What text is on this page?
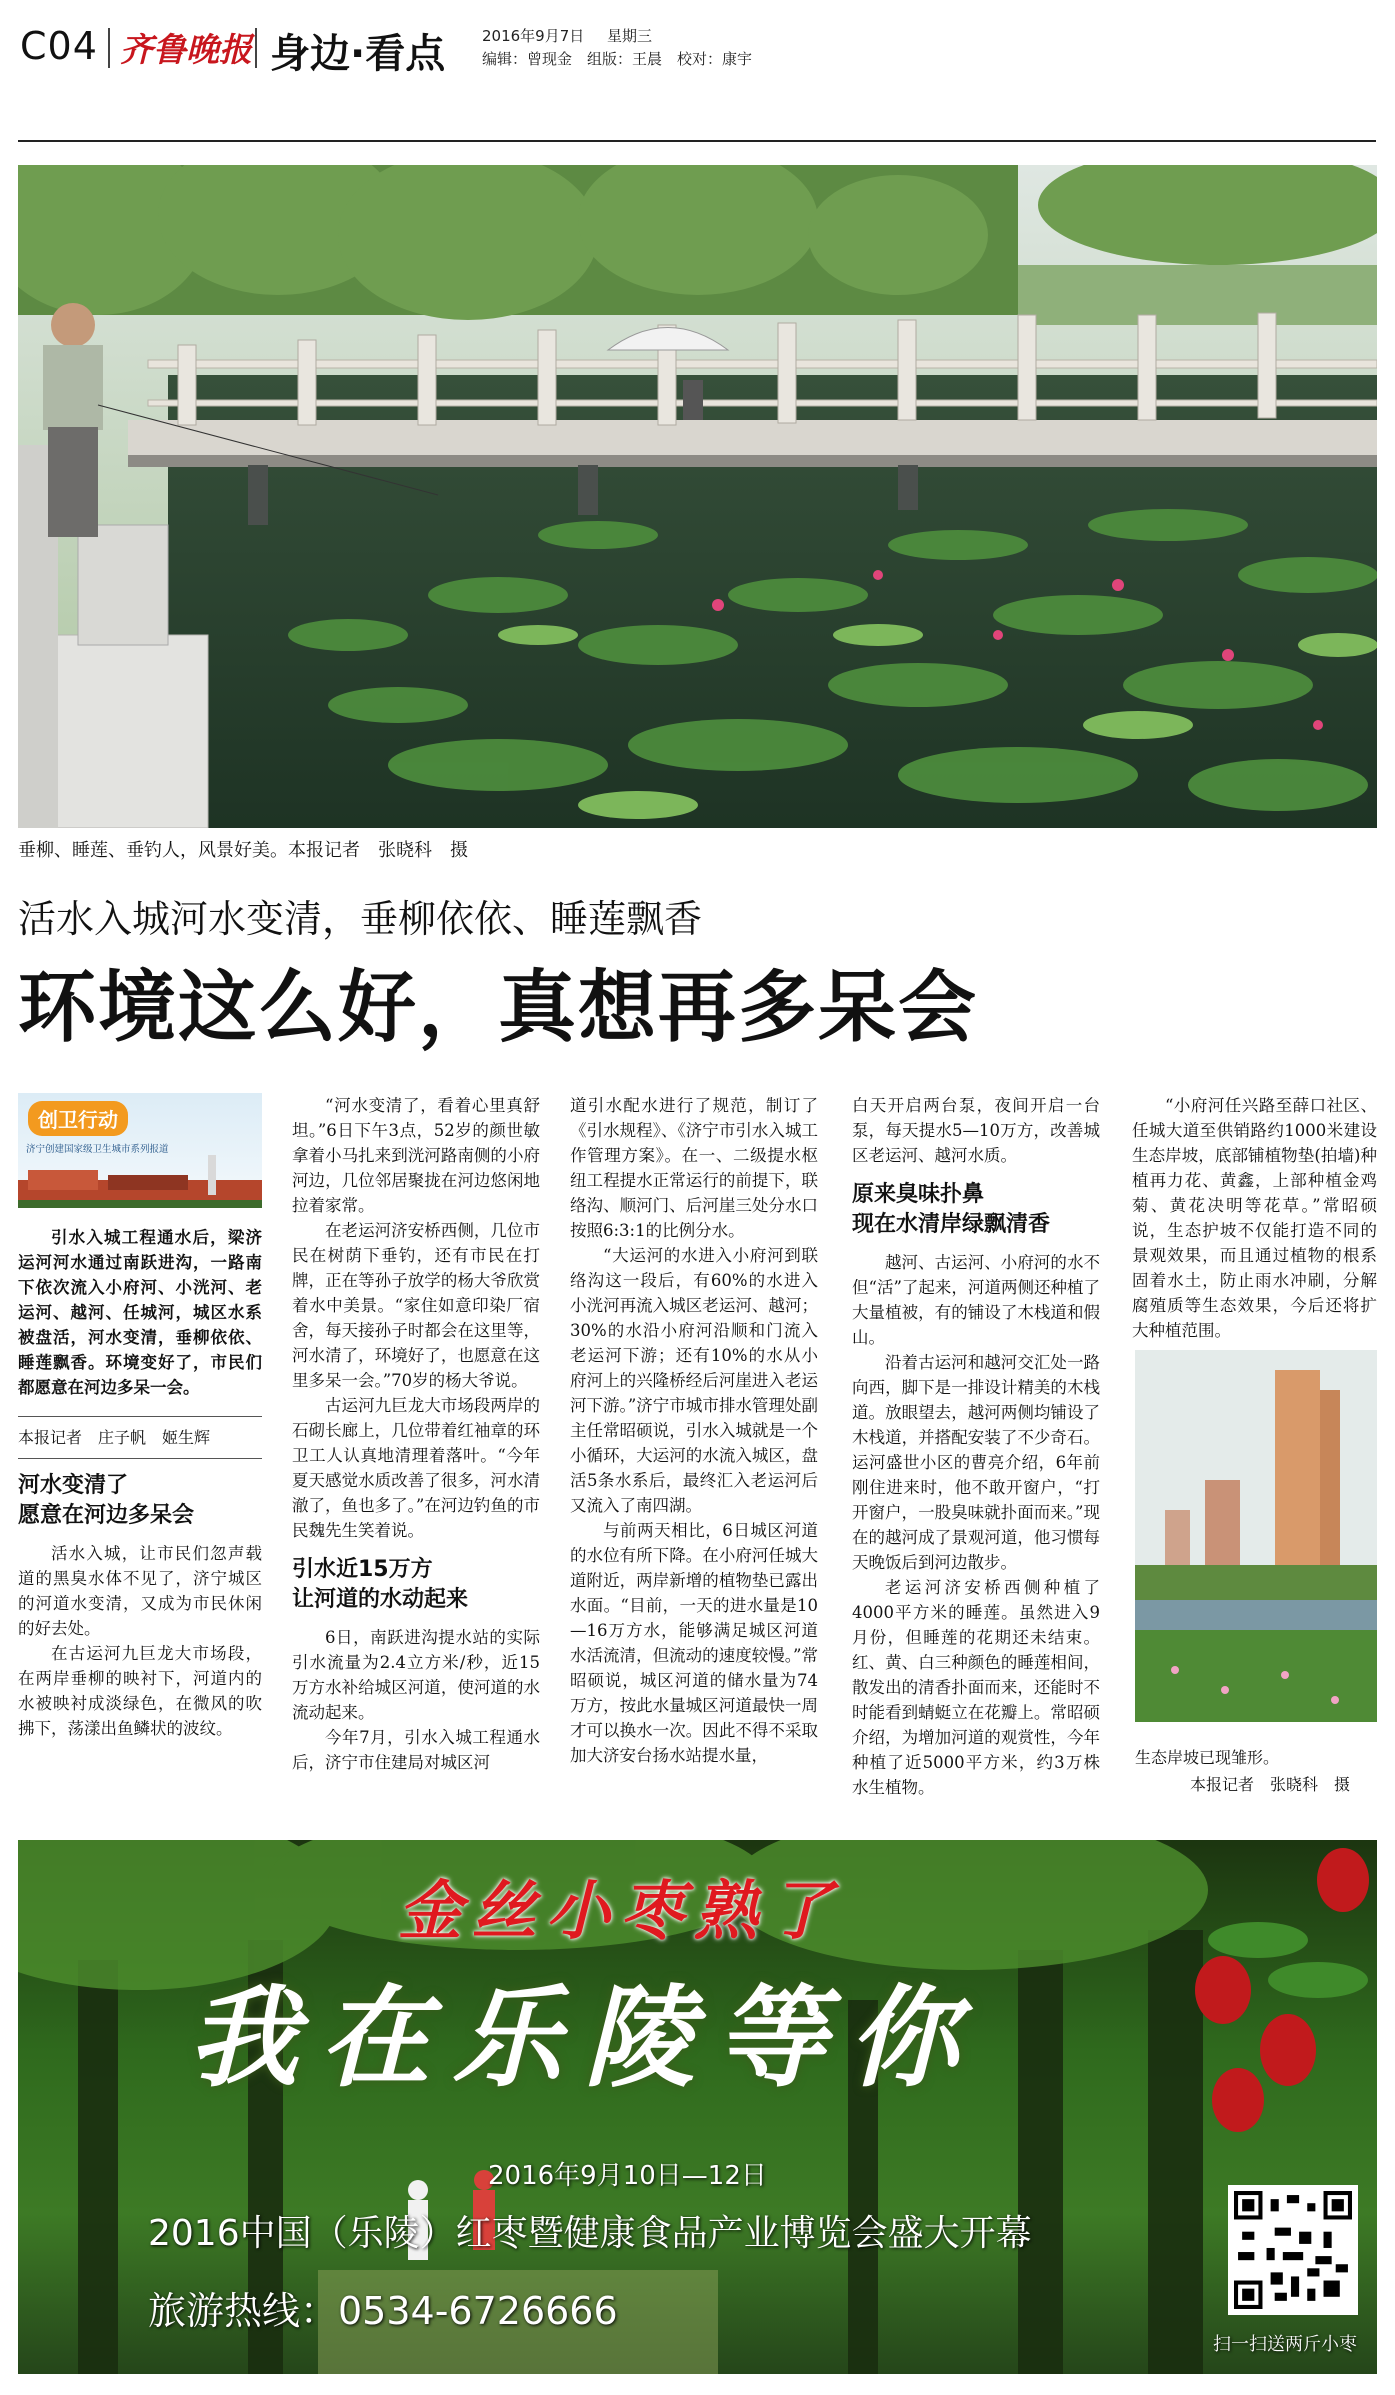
C04 齐鲁晚报 身边·看点 2016年9月7日 星期三
编辑：曾现金　组版：王晨　校对：康宇
垂柳、睡莲、垂钓人，风景好美。本报记者　张晓科　摄
活水入城河水变清，垂柳依依、睡莲飘香
环境这么好，真想再多呆会
创卫行动
济宁创建国家级卫生城市系列报道

引水入城工程通水后，梁济运河河水通过南跃进沟，一路南下依次流入小府河、小洸河、老运河、越河、任城河，城区水系被盘活，河水变清，垂柳依依、睡莲飘香。环境变好了，市民们都愿意在河边多呆一会。

本报记者　庄子帆　姬生辉
河水变清了
愿意在河边多呆会

活水入城，让市民们忽声载道的黑臭水体不见了，济宁城区的河道水变清，又成为市民休闲的好去处。

在古运河九巨龙大市场段，在两岸垂柳的映衬下，河道内的水被映衬成淡绿色，在微风的吹拂下，荡漾出鱼鳞状的波纹。

“河水变清了，看着心里真舒坦。”6日下午3点，52岁的颜世敏拿着小马扎来到洸河路南侧的小府河边，几位邻居聚拢在河边悠闲地拉着家常。

在老运河济安桥西侧，几位市民在树荫下垂钓，还有市民在打牌，正在等孙子放学的杨大爷欣赏着水中美景。“家住如意印染厂宿舍，每天接孙子时都会在这里等，河水清了，环境好了，也愿意在这里多呆一会。”70岁的杨大爷说。

古运河九巨龙大市场段两岸的石砌长廊上，几位带着红袖章的环卫工人认真地清理着落叶。“今年夏天感觉水质改善了很多，河水清澈了，鱼也多了。”在河边钓鱼的市民魏先生笑着说。

引水近15万方
让河道的水动起来

6日，南跃进沟提水站的实际引水流量为2.4立方米/秒，近15万方水补给城区河道，使河道的水流动起来。

今年7月，引水入城工程通水后，济宁市住建局对城区河

道引水配水进行了规范，制订了《引水规程》、《济宁市引水入城工作管理方案》。在一、二级提水枢纽工程提水正常运行的前提下，联络沟、顺河门、后河崖三处分水口按照6:3:1的比例分水。

“大运河的水进入小府河到联络沟这一段后，有60%的水进入小洸河再流入城区老运河、越河；30%的水沿小府河沿顺和门流入老运河下游；还有10%的水从小府河上的兴隆桥经后河崖进入老运河下游。”济宁市城市排水管理处副主任常昭硕说，引水入城就是一个小循环，大运河的水流入城区，盘活5条水系后，最终汇入老运河后又流入了南四湖。

与前两天相比，6日城区河道的水位有所下降。在小府河任城大道附近，两岸新增的植物垫已露出水面。“目前，一天的进水量是10—16万方水，能够满足城区河道水活流清，但流动的速度较慢。”常昭硕说，城区河道的储水量为74万方，按此水量城区河道最快一周才可以换水一次。因此不得不采取加大济安台扬水站提水量，

白天开启两台泵，夜间开启一台泵，每天提水5—10万方，改善城区老运河、越河水质。

原来臭味扑鼻
现在水清岸绿飘清香

越河、古运河、小府河的水不但“活”了起来，河道两侧还种植了大量植被，有的铺设了木栈道和假山。

沿着古运河和越河交汇处一路向西，脚下是一排设计精美的木栈道。放眼望去，越河两侧均铺设了木栈道，并搭配安装了不少奇石。运河盛世小区的曹亮介绍，6年前刚住进来时，他不敢开窗户，“打开窗户，一股臭味就扑面而来。”现在的越河成了景观河道，他习惯每天晚饭后到河边散步。

老运河济安桥西侧种植了4000平方米的睡莲。虽然进入9月份，但睡莲的花期还未结束。红、黄、白三种颜色的睡莲相间，散发出的清香扑面而来，还能时不时能看到蜻蜓立在花瓣上。常昭硕介绍，为增加河道的观赏性，今年种植了近5000平方米，约3万株水生植物。

“小府河任兴路至薛口社区、任城大道至供销路约1000米建设生态岸坡，底部铺植物垫(拍墙)种植再力花、黄鑫，上部种植金鸡菊、黄花决明等花草。”常昭硕说，生态护坡不仅能打造不同的景观效果，而且通过植物的根系固着水土，防止雨水冲刷，分解腐殖质等生态效果，今后还将扩大种植范围。

生态岸坡已现雏形。
本报记者　张晓科　摄
金丝小枣熟了
我在乐陵等你
2016年9月10日—12日
2016中国（乐陵）红枣暨健康食品产业博览会盛大开幕
旅游热线：0534-6726666
扫一扫送两斤小枣
